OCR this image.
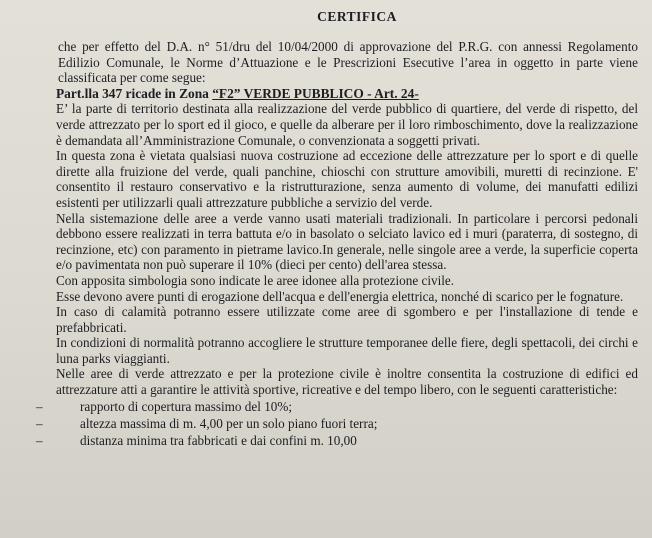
CERTIFICA

che per effetto del D.A. n° 51/dru del 10/04/2000 di approvazione del P.R.G. con annessi Regolamento Edilizio Comunale, le Norme d’Attuazione e le Prescrizioni Esecutive l’area in oggetto in parte viene classificata per come segue:

Part.lla 347 ricade in Zona “F2” VERDE PUBBLICO - Art. 24-

E’ la parte di territorio destinata alla realizzazione del verde pubblico di quartiere, del verde di rispetto, del verde attrezzato per lo sport ed il gioco, e quelle da alberare per il loro rimboschimento, dove la realizzazione è demandata all’Amministrazione Comunale, o convenzionata a soggetti privati.

In questa zona è vietata qualsiasi nuova costruzione ad eccezione delle attrezzature per lo sport e di quelle dirette alla fruizione del verde, quali panchine, chioschi con strutture amovibili, muretti di recinzione. E' consentito il restauro conservativo e la ristrutturazione, senza aumento di volume, dei manufatti edilizi esistenti per utilizzarli quali attrezzature pubbliche a servizio del verde.

Nella sistemazione delle aree a verde vanno usati materiali tradizionali. In particolare i percorsi pedonali debbono essere realizzati in terra battuta e/o in basolato o selciato lavico ed i muri (paraterra, di sostegno, di recinzione, etc) con paramento in pietrame lavico.In generale, nelle singole aree a verde, la superficie coperta e/o pavimentata non può superare il 10% (dieci per cento) dell'area stessa.

Con apposita simbologia sono indicate le aree idonee alla protezione civile.

Esse devono avere punti di erogazione dell'acqua e dell'energia elettrica, nonché di scarico per le fognature.

In caso di calamità potranno essere utilizzate come aree di sgombero e per l'installazione di tende e prefabbricati.

In condizioni di normalità potranno accogliere le strutture temporanee delle fiere, degli spettacoli, dei circhi e luna parks viaggianti.

Nelle aree di verde attrezzato e per la protezione civile è inoltre consentita la costruzione di edifici ed attrezzature atti a garantire le attività sportive, ricreative e del tempo libero, con le seguenti caratteristiche:

–	rapporto di copertura massimo del 10%;
–	altezza massima di m. 4,00 per un solo piano fuori terra;
–	distanza minima tra fabbricati e dai confini m. 10,00
